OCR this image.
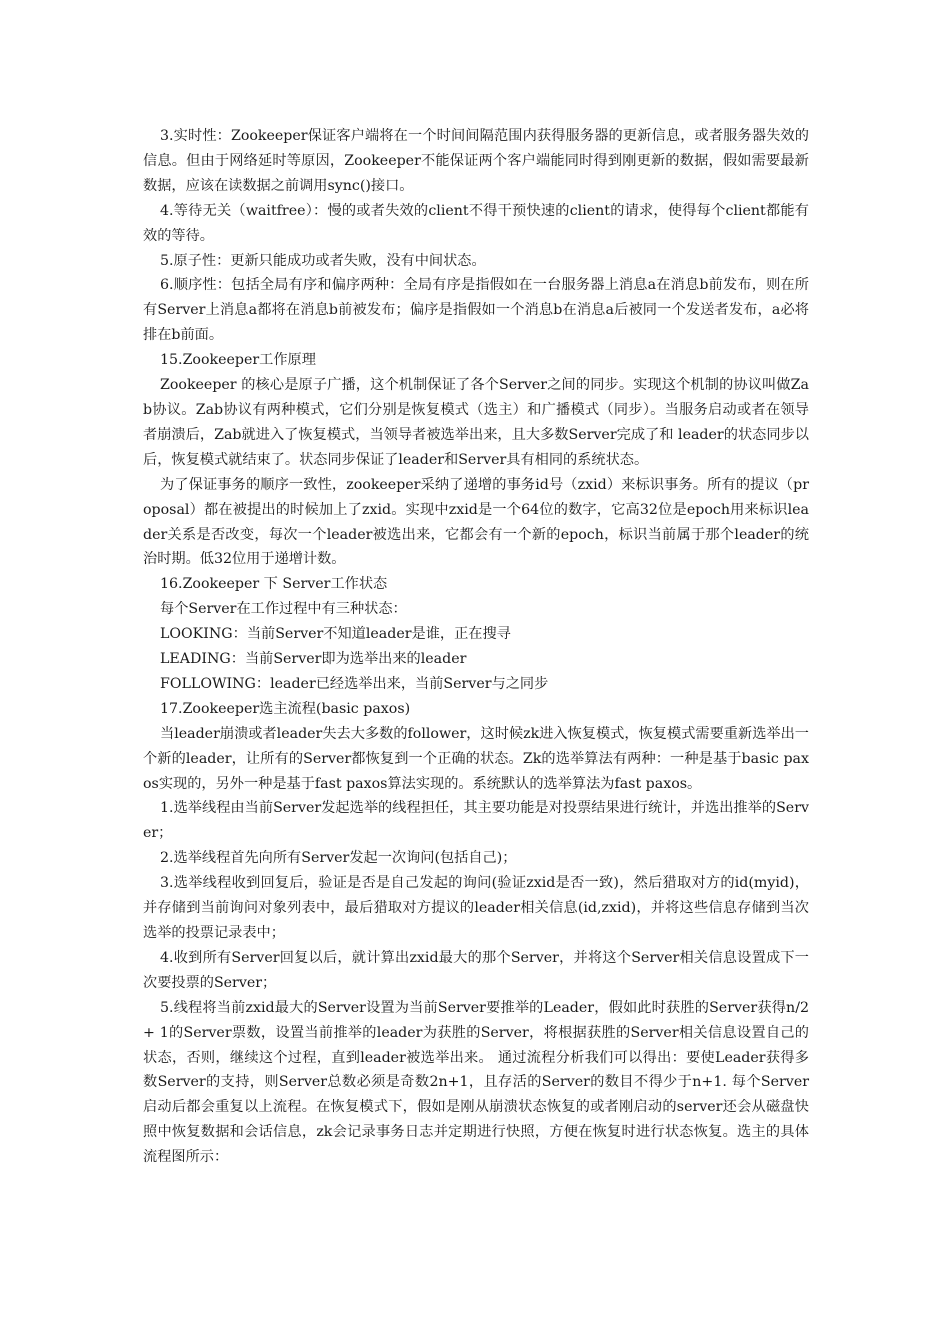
3.实时性：Zookeeper保证客户端将在一个时间间隔范围内获得服务器的更新信息，或者服务器失效的信息。但由于网络延时等原因，Zookeeper不能保证两个客户端能同时得到刚更新的数据，假如需要最新数据，应该在读数据之前调用sync()接口。

4.等待无关（waitfree）：慢的或者失效的client不得干预快速的client的请求，使得每个client都能有效的等待。

5.原子性：更新只能成功或者失败，没有中间状态。

6.顺序性：包括全局有序和偏序两种：全局有序是指假如在一台服务器上消息a在消息b前发布，则在所有Server上消息a都将在消息b前被发布；偏序是指假如一个消息b在消息a后被同一个发送者发布，a必将排在b前面。

15.Zookeeper工作原理

Zookeeper 的核心是原子广播，这个机制保证了各个Server之间的同步。实现这个机制的协议叫做Zab协议。Zab协议有两种模式，它们分别是恢复模式（选主）和广播模式（同步）。当服务启动或者在领导者崩溃后，Zab就进入了恢复模式，当领导者被选举出来，且大多数Server完成了和 leader的状态同步以后，恢复模式就结束了。状态同步保证了leader和Server具有相同的系统状态。

为了保证事务的顺序一致性，zookeeper采纳了递增的事务id号（zxid）来标识事务。所有的提议（proposal）都在被提出的时候加上了zxid。实现中zxid是一个64位的数字，它高32位是epoch用来标识leader关系是否改变，每次一个leader被选出来，它都会有一个新的epoch，标识当前属于那个leader的统治时期。低32位用于递增计数。

16.Zookeeper 下 Server工作状态

每个Server在工作过程中有三种状态：

LOOKING：当前Server不知道leader是谁，正在搜寻

LEADING：当前Server即为选举出来的leader

FOLLOWING：leader已经选举出来，当前Server与之同步

17.Zookeeper选主流程(basic paxos)

当leader崩溃或者leader失去大多数的follower，这时候zk进入恢复模式，恢复模式需要重新选举出一个新的leader，让所有的Server都恢复到一个正确的状态。Zk的选举算法有两种：一种是基于basic paxos实现的，另外一种是基于fast paxos算法实现的。系统默认的选举算法为fast paxos。

1.选举线程由当前Server发起选举的线程担任，其主要功能是对投票结果进行统计，并选出推举的Server；

2.选举线程首先向所有Server发起一次询问(包括自己)；

3.选举线程收到回复后，验证是否是自己发起的询问(验证zxid是否一致)，然后猎取对方的id(myid)，并存储到当前询问对象列表中，最后猎取对方提议的leader相关信息(id,zxid)，并将这些信息存储到当次选举的投票记录表中；

4.收到所有Server回复以后，就计算出zxid最大的那个Server，并将这个Server相关信息设置成下一次要投票的Server；

5.线程将当前zxid最大的Server设置为当前Server要推举的Leader，假如此时获胜的Server获得n/2 + 1的Server票数，设置当前推举的leader为获胜的Server，将根据获胜的Server相关信息设置自己的状态，否则，继续这个过程，直到leader被选举出来。 通过流程分析我们可以得出：要使Leader获得多数Server的支持，则Server总数必须是奇数2n+1，且存活的Server的数目不得少于n+1. 每个Server启动后都会重复以上流程。在恢复模式下，假如是刚从崩溃状态恢复的或者刚启动的server还会从磁盘快照中恢复数据和会话信息，zk会记录事务日志并定期进行快照，方便在恢复时进行状态恢复。选主的具体流程图所示：
